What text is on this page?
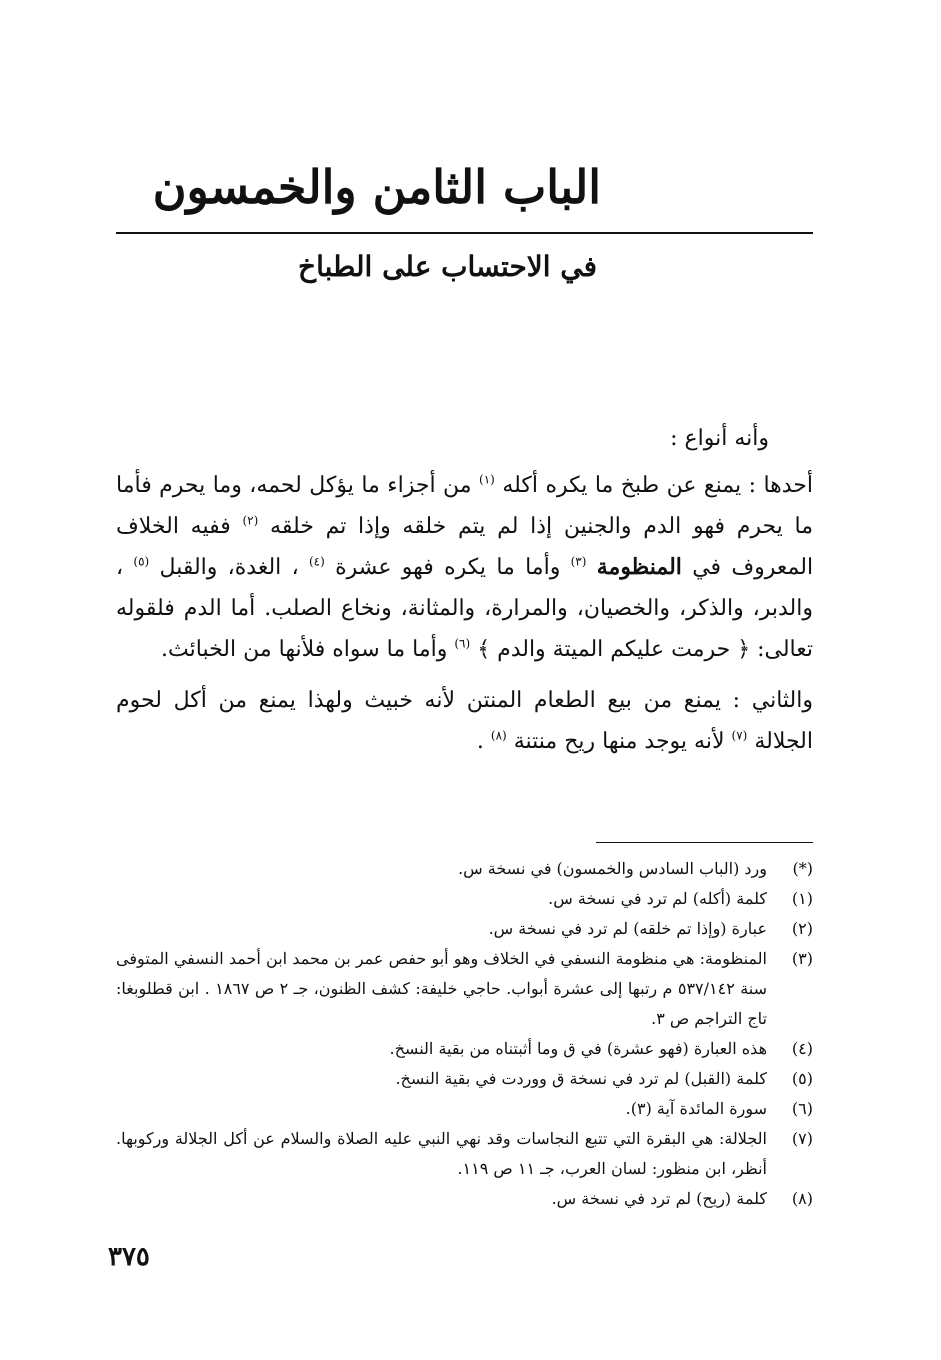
الباب الثامن والخمسون
في الاحتساب على الطباخ

وأنه أنواع :

أحدها : يمنع عن طبخ ما يكره أكله $^{(١)}$ من أجزاء ما يؤكل لحمه، وما يحرم فأما ما يحرم فهو الدم والجنين إذا لم يتم خلقه وإذا تم خلقه $^{(٢)}$ ففيه الخلاف المعروف في المنظومة $^{(٣)}$ وأما ما يكره فهو عشرة $^{(٤)}$ ، الغدة، والقبل $^{(٥)}$ ، والدبر، والذكر، والخصيان، والمرارة، والمثانة، ونخاع الصلب. أما الدم فلقوله تعالى: ﴿ حرمت عليكم الميتة والدم ﴾ $^{(٦)}$ وأما ما سواه فلأنها من الخبائث.

والثاني : يمنع من بيع الطعام المنتن لأنه خبيث ولهذا يمنع من أكل لحوم الجلالة $^{(٧)}$ لأنه يوجد منها ريح منتنة $^{(٨)}$ .

(*)
ورد (الباب السادس والخمسون) في نسخة س.
(١)
كلمة (أكله) لم ترد في نسخة س.
(٢)
عبارة (وإذا تم خلقه) لم ترد في نسخة س.
(٣)
المنظومة: هي منظومة النسفي في الخلاف وهو أبو حفص عمر بن محمد ابن أحمد النسفي المتوفى سنة ٥٣٧/١٤٢ م رتبها إلى عشرة أبواب. حاجي خليفة: كشف الظنون، جـ ٢ ص ١٨٦٧ . ابن قطلوبغا: تاج التراجم ص ٣.
(٤)
هذه العبارة (فهو عشرة) في ق وما أثبتناه من بقية النسخ.
(٥)
كلمة (القبل) لم ترد في نسخة ق ووردت في بقية النسخ.
(٦)
سورة المائدة آية (٣).
(٧)
الجلالة: هي البقرة التي تتبع النجاسات وقد نهي النبي عليه الصلاة والسلام عن أكل الجلالة وركوبها. أنظر، ابن منظور: لسان العرب، جـ ١١ ص ١١٩.
(٨)
كلمة (ريح) لم ترد في نسخة س.
٣٧٥
